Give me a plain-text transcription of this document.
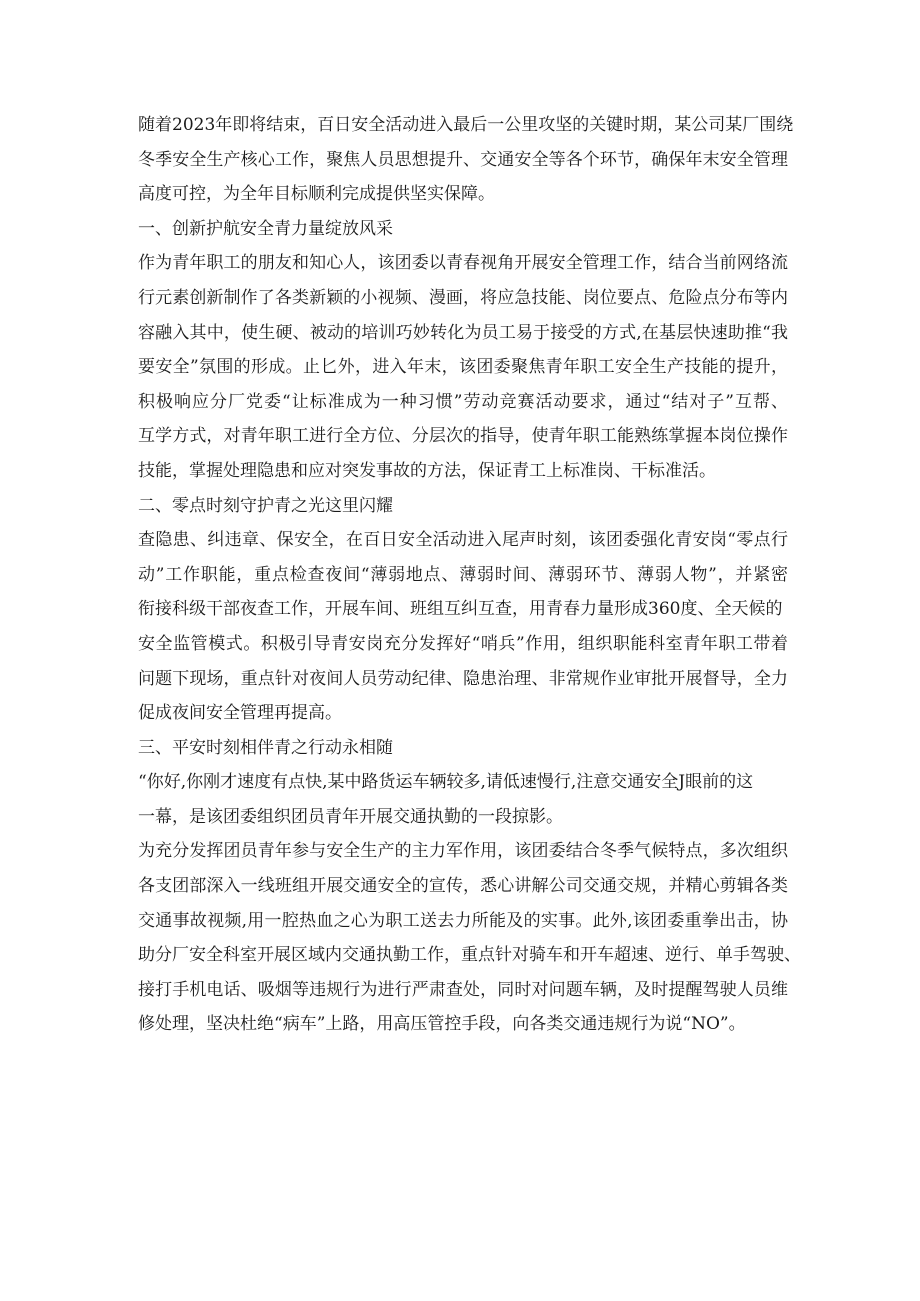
随着2023年即将结束，百日安全活动进入最后一公里攻坚的关键时期，某公司某厂围绕
冬季安全生产核心工作，聚焦人员思想提升、交通安全等各个环节，确保年末安全管理
高度可控，为全年目标顺利完成提供坚实保障。
一、创新护航安全青力量绽放风采
作为青年职工的朋友和知心人，该团委以青春视角开展安全管理工作，结合当前网络流
行元素创新制作了各类新颖的小视频、漫画，将应急技能、岗位要点、危险点分布等内
容融入其中，使生硬、被动的培训巧妙转化为员工易于接受的方式,在基层快速助推“我
要安全”氛围的形成。止匕外，进入年末，该团委聚焦青年职工安全生产技能的提升，
积极响应分厂党委“让标准成为一种习惯”劳动竞赛活动要求，通过“结对子”互帮、
互学方式，对青年职工进行全方位、分层次的指导，使青年职工能熟练掌握本岗位操作
技能，掌握处理隐患和应对突发事故的方法，保证青工上标准岗、干标准活。
二、零点时刻守护青之光这里闪耀
查隐患、纠违章、保安全，在百日安全活动进入尾声时刻，该团委强化青安岗“零点行
动”工作职能，重点检查夜间“薄弱地点、薄弱时间、薄弱环节、薄弱人物”，并紧密
衔接科级干部夜查工作，开展车间、班组互纠互查，用青春力量形成360度、全天候的
安全监管模式。积极引导青安岗充分发挥好“哨兵”作用，组织职能科室青年职工带着
问题下现场，重点针对夜间人员劳动纪律、隐患治理、非常规作业审批开展督导，全力
促成夜间安全管理再提高。
三、平安时刻相伴青之行动永相随
“你好,你刚才速度有点快,某中路货运车辆较多,请低速慢行,注意交通安全J眼前的这
一幕，是该团委组织团员青年开展交通执勤的一段掠影。
为充分发挥团员青年参与安全生产的主力军作用，该团委结合冬季气候特点，多次组织
各支团部深入一线班组开展交通安全的宣传，悉心讲解公司交通交规，并精心剪辑各类
交通事故视频,用一腔热血之心为职工送去力所能及的实事。此外,该团委重拳出击，协
助分厂安全科室开展区域内交通执勤工作，重点针对骑车和开车超速、逆行、单手驾驶、
接打手机电话、吸烟等违规行为进行严肃查处，同时对问题车辆，及时提醒驾驶人员维
修处理，坚决杜绝“病车”上路，用高压管控手段，向各类交通违规行为说“NO”。
